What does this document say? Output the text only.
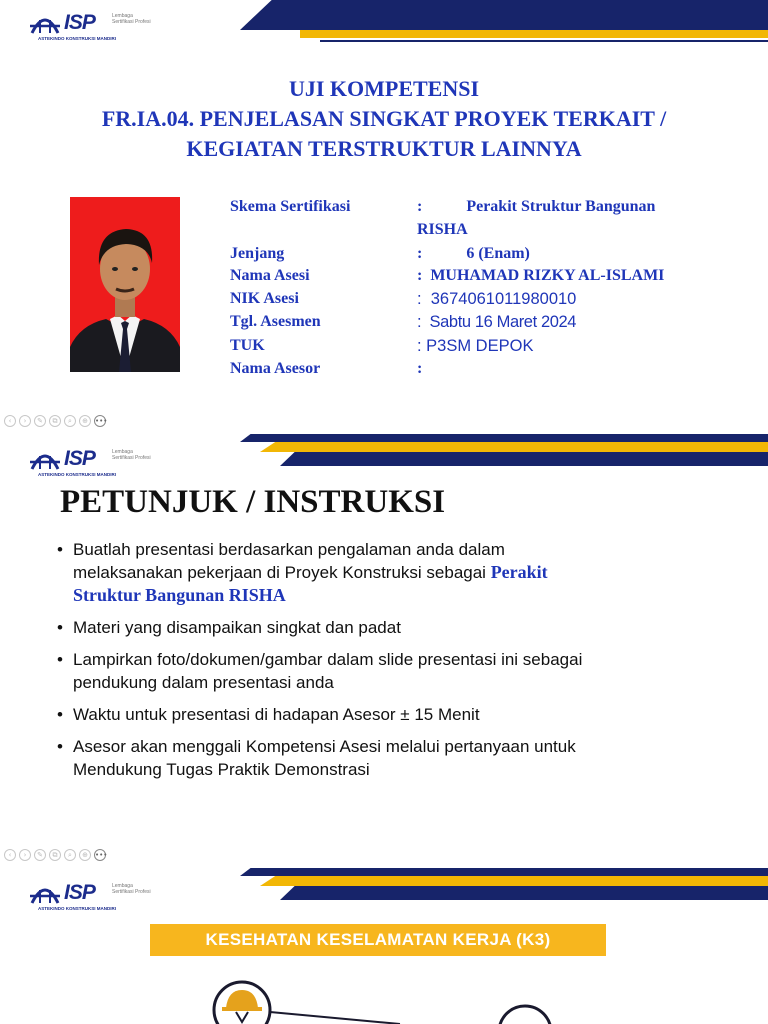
ISP	Lembaga Sertifikasi Profesi
ASTEKINDO KONSTRUKSI MANDIRI
UJI KOMPETENSI
FR.IA.04. PENJELASAN SINGKAT PROYEK TERKAIT /
KEGIATAN TERSTRUKTUR LAINNYA
Skema Sertifikasi	:           Perakit Struktur Bangunan
RISHA
Jenjang	:           6 (Enam)
Nama Asesi	:  MUHAMAD RIZKY AL-ISLAMI
NIK Asesi	:  3674061011980010
Tgl. Asesmen	:  Sabtu 16 Maret 2024
TUK	: P3SM DEPOK
Nama Asesor	:
‹	›	✎	⧉	⌕	⊕	•••
ISP	Lembaga Sertifikasi Profesi
ASTEKINDO KONSTRUKSI MANDIRI
PETUNJUK / INSTRUKSI
• Buatlah presentasi berdasarkan pengalaman anda dalam
melaksanakan pekerjaan di Proyek Konstruksi sebagai Perakit
Struktur Bangunan RISHA
• Materi yang disampaikan singkat dan padat
• Lampirkan foto/dokumen/gambar dalam slide presentasi ini sebagai
pendukung dalam presentasi anda
• Waktu untuk presentasi di hadapan Asesor ± 15 Menit
• Asesor akan menggali Kompetensi Asesi melalui pertanyaan untuk
Mendukung Tugas Praktik Demonstrasi
‹	›	✎	⧉	⌕	⊕	•••
ISP	Lembaga Sertifikasi Profesi
ASTEKINDO KONSTRUKSI MANDIRI
KESEHATAN KESELAMATAN KERJA (K3)
